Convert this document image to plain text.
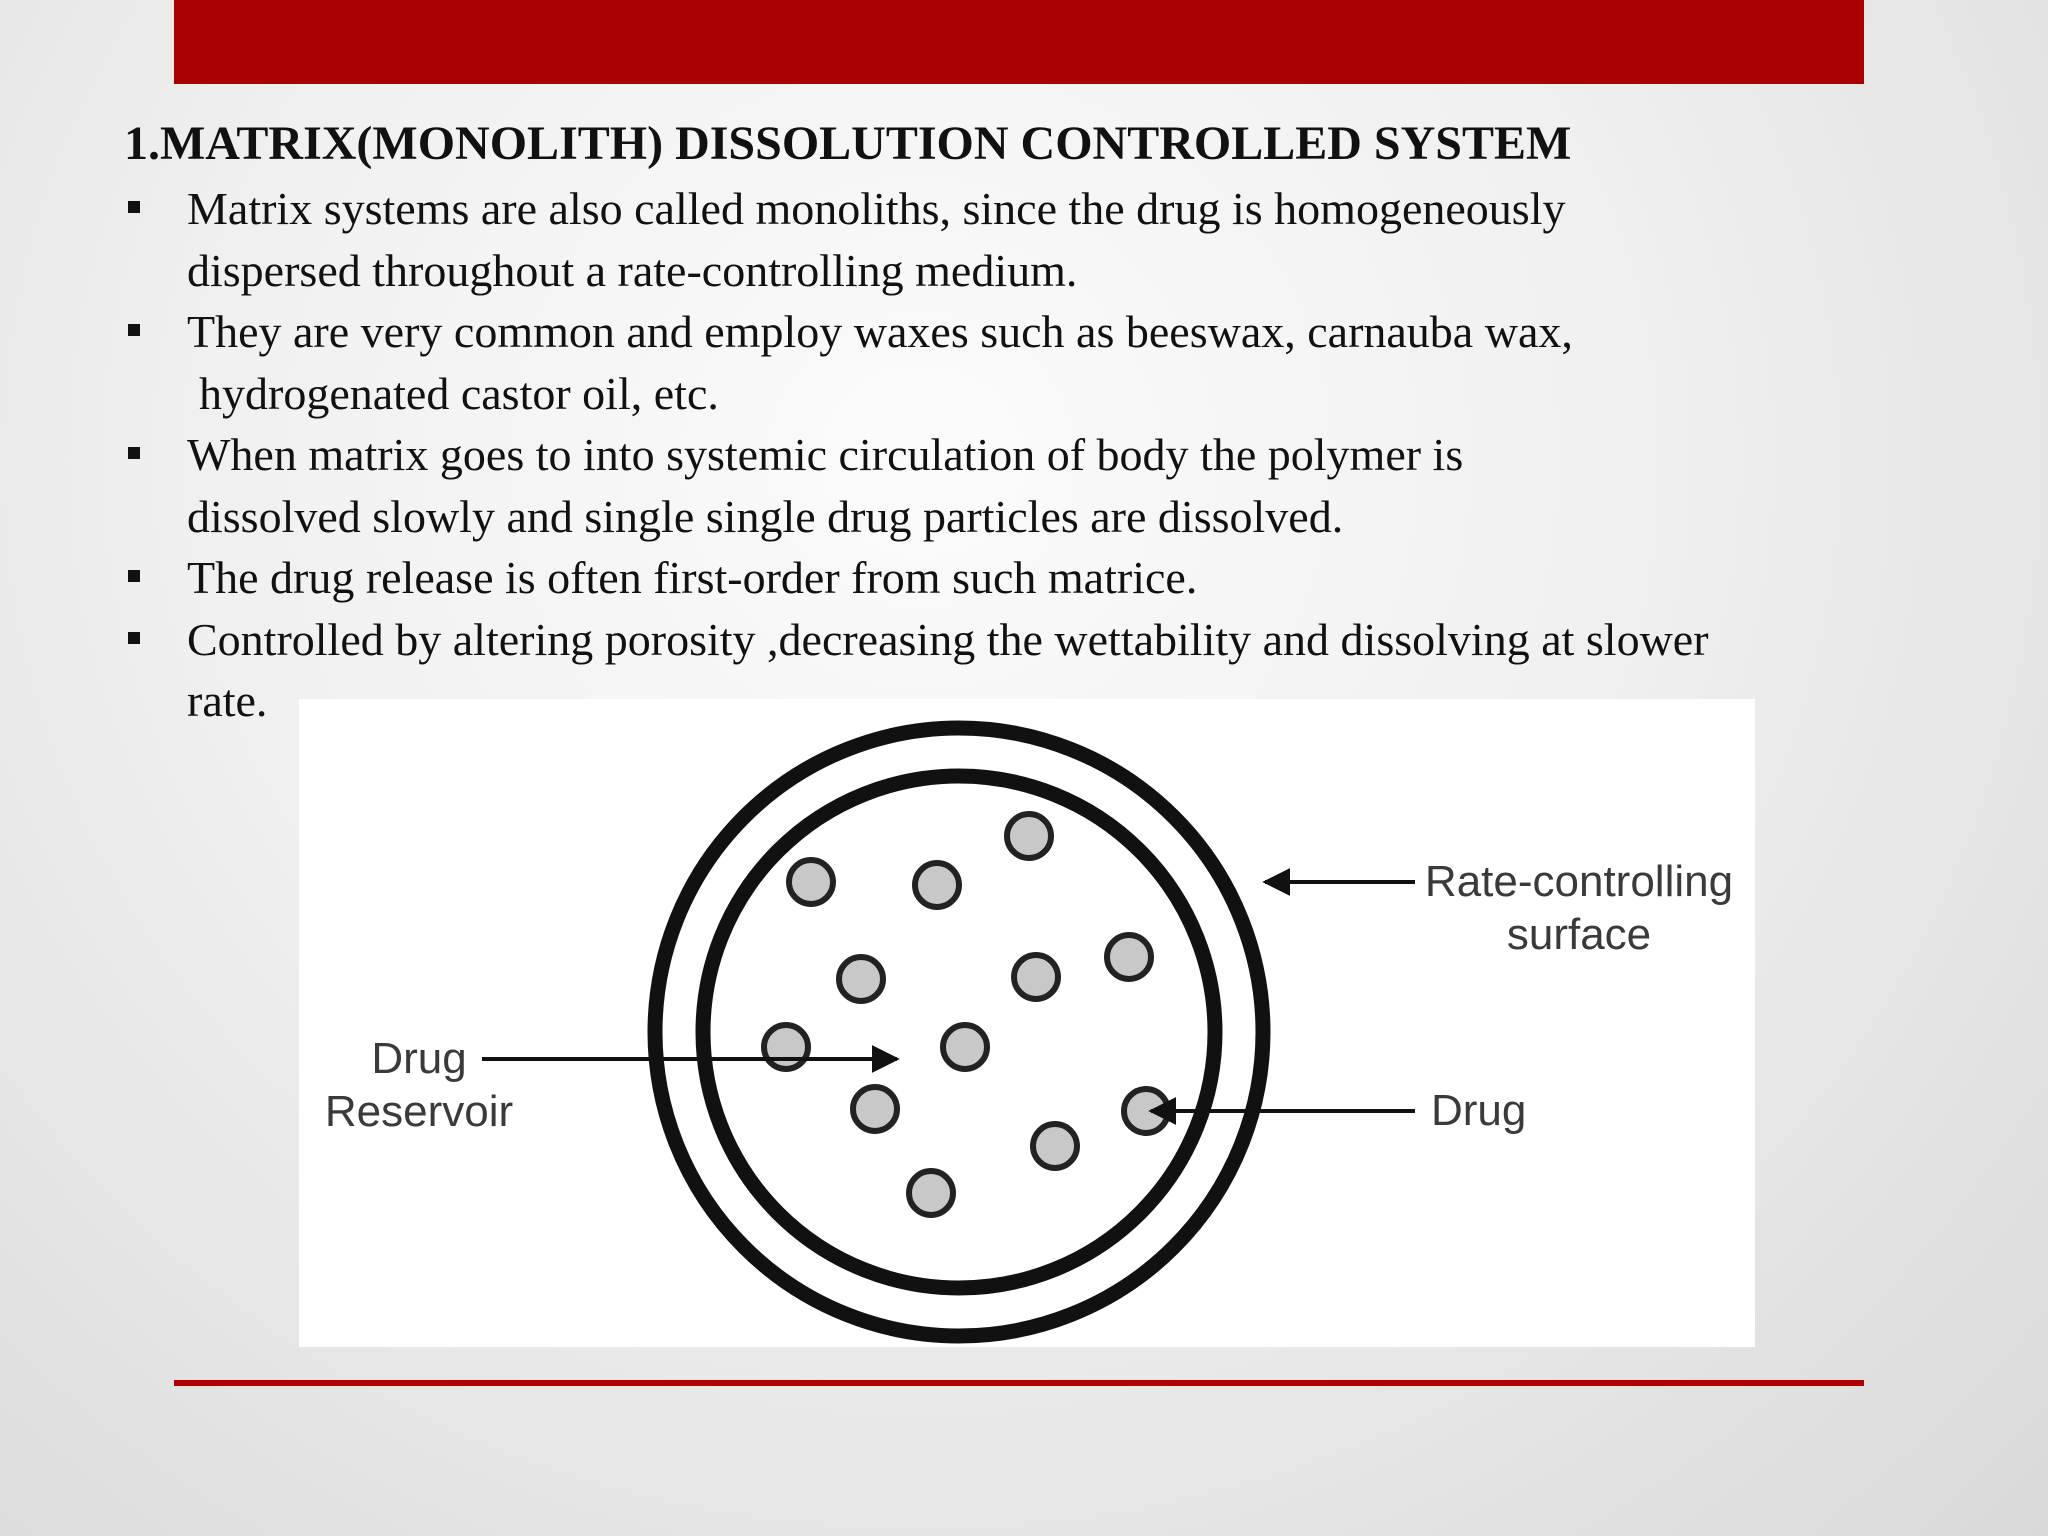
1.MATRIX(MONOLITH) DISSOLUTION CONTROLLED SYSTEM
Matrix systems are also called monoliths, since the drug is homogeneously
dispersed throughout a rate-controlling medium.
They are very common and employ waxes such as beeswax, carnauba wax,
hydrogenated castor oil, etc.
When matrix goes to into systemic circulation of body the polymer is
dissolved slowly and single single drug particles are dissolved.
The drug release is often first-order from such matrice.
Controlled by altering porosity ,decreasing the wettability and dissolving at slower
rate.
Rate-controlling
surface
Drug
Reservoir	Drug
